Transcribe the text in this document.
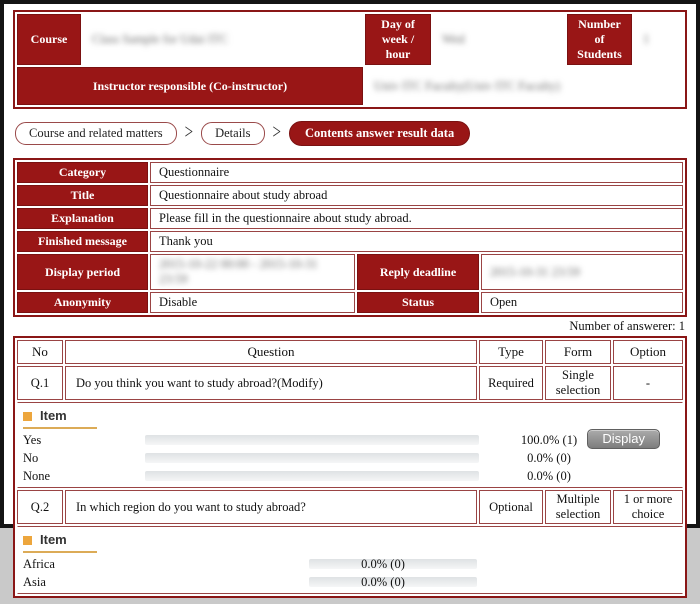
Course	Class Sample for Udai ITC	Day of week / hour	Wed	Number of Students	1
Instructor responsible (Co-instructor)		Univ ITC Faculty(Univ ITC Faculty)			
Course and related matters	>	Details	>	Contents answer result data
Category	Questionnaire		
Title	Questionnaire about study abroad		
Explanation	Please fill in the questionnaire about study abroad.		
Finished message	Thank you		
Display period	2015-10-22 00:00 - 2015-10-31 23:59	Reply deadline	2015-10-31 23:59
Anonymity	Disable	Status	Open
Number of answerer: 1
No	Question	Type	Form	Option
Q.1	Do you think you want to study abroad?(Modify)	Required	Single selection	-

Item
Yes	100.0% (1)	Display
No	0.0% (0)
None	0.0% (0)

Q.2	In which region do you want to study abroad?	Optional	Multiple selection	1 or more choice

Item
Africa 0.0% (0)
Asia 0.0% (0)				
